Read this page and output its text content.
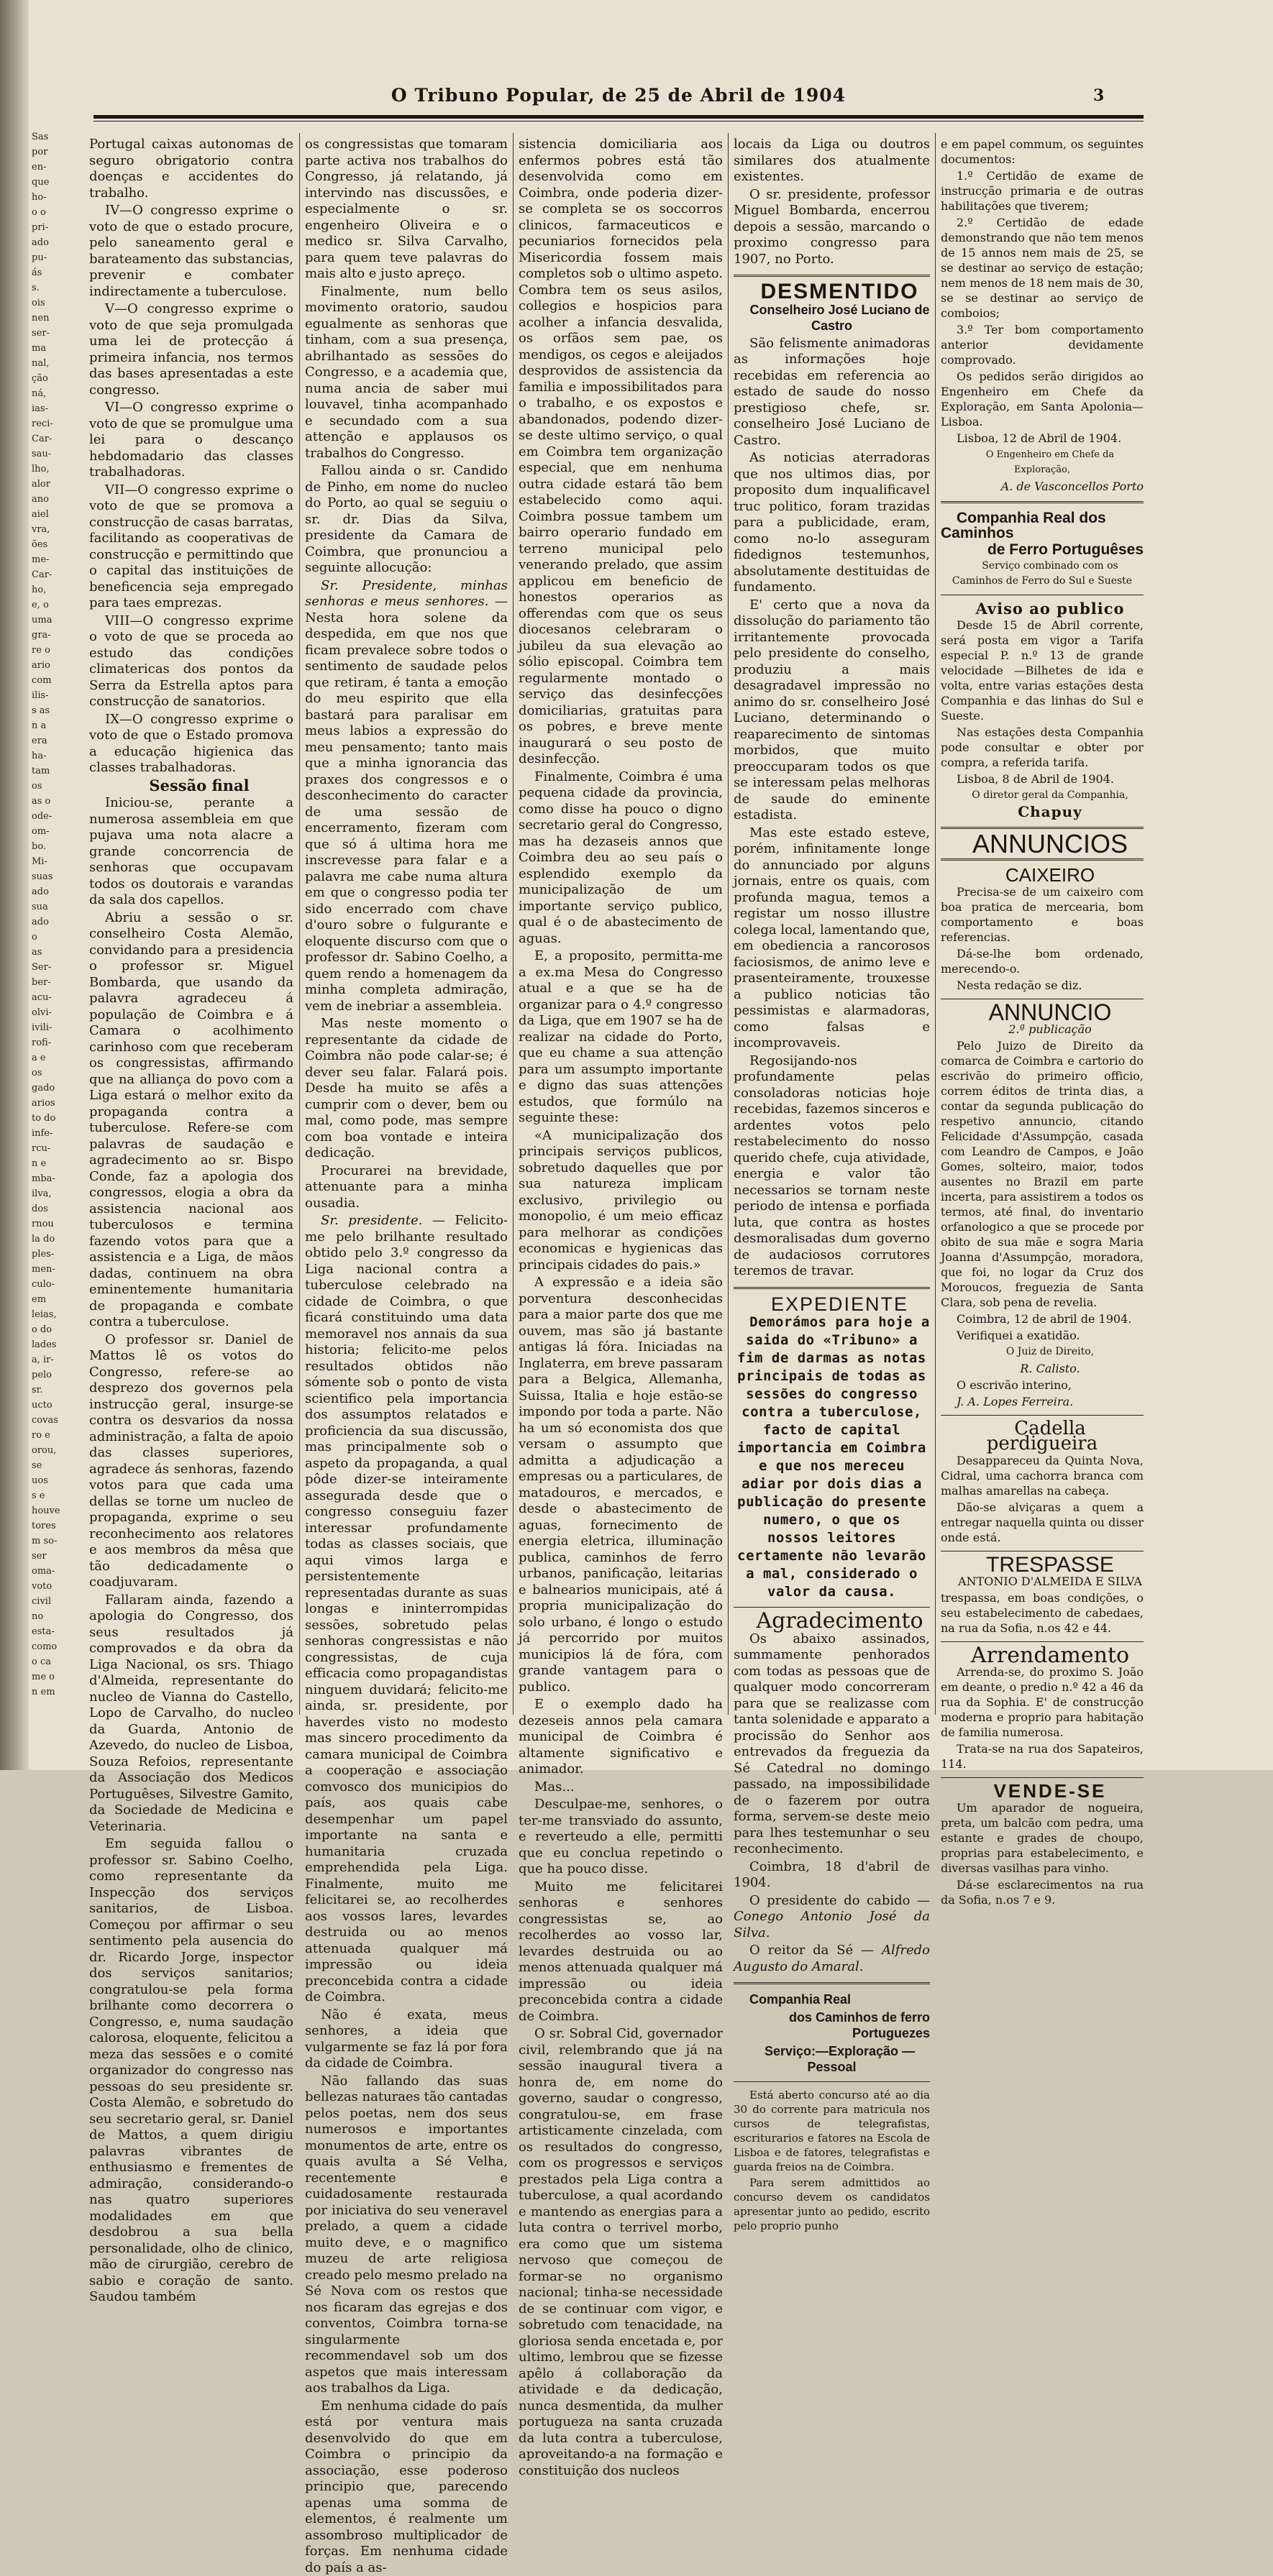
Sas
por
en-
que
ho-
o o
pri-
ado
pu-
ás
s.
ois
nen
ser-
ma
nal,
ção
ná,
ias-
reci-
Car-
sau-
lho,
alor
ano
aiel
vra,
ões
me-
Car-
ho,
e, o
uma
gra-
re o
ario
com
ilis-
s as
n a
era
ha-
tam
os
as o
ode-
om-
bo.
Mi-
suas
ado
sua
ado
o
as
Ser-
ber-
acu-
olvi-
ivili-
rofi-
a e
os
gado
arios
to do
infe-
rcu-
n e
mba-
ilva,
dos
rnou
la do
ples-
men-
culo-
em
leias,
o do
lades
a, ir-
pelo
sr.
ucto
covas
ro e
orou,
se
uos
s e
houve
tores
m so-
ser
oma-
voto
civil
no
esta-
como
o ca
me o
n em
O Tribuno Popular, de 25 de Abril de 1904	3

Portugal caixas autonomas de seguro obrigatorio contra doenças e accidentes do trabalho.

IV—O congresso exprime o voto de que o estado procure, pelo saneamento geral e barateamento das substancias, prevenir e combater indirectamente a tuberculose.

V—O congresso exprime o voto de que seja promulgada uma lei de protecção á primeira infancia, nos termos das bases apresentadas a este congresso.

VI—O congresso exprime o voto de que se promulgue uma lei para o descanço hebdomadario das classes trabalhadoras.

VII—O congresso exprime o voto de que se promova a construcção de casas barratas, facilitando as cooperativas de construcção e permittindo que o capital das instituições de beneficencia seja empregado para taes emprezas.

VIII—O congresso exprime o voto de que se proceda ao estudo das condições climatericas dos pontos da Serra da Estrella aptos para construcção de sanatorios.

IX—O congresso exprime o voto de que o Estado promova a educação higienica das classes trabalhadoras.

Sessão final

Iniciou-se, perante a numerosa assembleia em que pujava uma nota alacre a grande concorrencia de senhoras que occupavam todos os doutorais e varandas da sala dos capellos.

Abriu a sessão o sr. conselheiro Costa Alemão, convidando para a presidencia o professor sr. Miguel Bombarda, que usando da palavra agradeceu á população de Coimbra e á Camara o acolhimento carinhoso com que receberam os congressistas, affirmando que na alliança do povo com a Liga estará o melhor exito da propaganda contra a tuberculose. Refere-se com palavras de saudação e agradecimento ao sr. Bispo Conde, faz a apologia dos congressos, elogia a obra da assistencia nacional aos tuberculosos e termina fazendo votos para que a assistencia e a Liga, de mãos dadas, continuem na obra eminentemente humanitaria de propaganda e combate contra a tuberculose.

O professor sr. Daniel de Mattos lê os votos do Congresso, refere-se ao desprezo dos governos pela instrucção geral, insurge-se contra os desvarios da nossa administração, a falta de apoio das classes superiores, agradece ás senhoras, fazendo votos para que cada uma dellas se torne um nucleo de propaganda, exprime o seu reconhecimento aos relatores e aos membros da mêsa que tão dedicadamente o coadjuvaram.

Fallaram ainda, fazendo a apologia do Congresso, dos seus resultados já comprovados e da obra da Liga Nacional, os srs. Thiago d'Almeida, representante do nucleo de Vianna do Castello, Lopo de Carvalho, do nucleo da Guarda, Antonio de Azevedo, do nucleo de Lisboa, Souza Refoios, representante da Associação dos Medicos Portuguêses, Silvestre Gamito, da Sociedade de Medicina e Veterinaria.

Em seguida fallou o professor sr. Sabino Coelho, como representante da Inspecção dos serviços sanitarios, de Lisboa. Começou por affirmar o seu sentimento pela ausencia do dr. Ricardo Jorge, inspector dos serviços sanitarios; congratulou-se pela forma brilhante como decorrera o Congresso, e, numa saudação calorosa, eloquente, felicitou a meza das sessões e o comité organizador do congresso nas pessoas do seu presidente sr. Costa Alemão, e sobretudo do seu secretario geral, sr. Daniel de Mattos, a quem dirigiu palavras vibrantes de enthusiasmo e frementes de admiração, considerando-o nas quatro superiores modalidades em que desdobrou a sua bella personalidade, olho de clinico, mão de cirurgião, cerebro de sabio e coração de santo. Saudou também

os congressistas que tomaram parte activa nos trabalhos do Congresso, já relatando, já intervindo nas discussões, e especialmente o sr. engenheiro Oliveira e o medico sr. Silva Carvalho, para quem teve palavras do mais alto e justo apreço.

Finalmente, num bello movimento oratorio, saudou egualmente as senhoras que tinham, com a sua presença, abrilhantado as sessões do Congresso, e a academia que, numa ancia de saber mui louvavel, tinha acompanhado e secundado com a sua attenção e applausos os trabalhos do Congresso.

Fallou ainda o sr. Candido de Pinho, em nome do nucleo do Porto, ao qual se seguiu o sr. dr. Dias da Silva, presidente da Camara de Coimbra, que pronunciou a seguinte allocução:

Sr. Presidente, minhas senhoras e meus senhores. — Nesta hora solene da despedida, em que nos que ficam prevalece sobre todos o sentimento de saudade pelos que retiram, é tanta a emoção do meu espirito que ella bastará para paralisar em meus labios a expressão do meu pensamento; tanto mais que a minha ignorancia das praxes dos congressos e o desconhecimento do caracter de uma sessão de encerramento, fizeram com que só á ultima hora me inscrevesse para falar e a palavra me cabe numa altura em que o congresso podia ter sido encerrado com chave d'ouro sobre o fulgurante e eloquente discurso com que o professor dr. Sabino Coelho, a quem rendo a homenagem da minha completa admiração, vem de inebriar a assembleia.

Mas neste momento o representante da cidade de Coimbra não pode calar-se; é dever seu falar. Falará pois. Desde ha muito se afês a cumprir com o dever, bem ou mal, como pode, mas sempre com boa vontade e inteira dedicação.

Procurarei na brevidade, attenuante para a minha ousadia.

Sr. presidente. — Felicito-me pelo brilhante resultado obtido pelo 3.º congresso da Liga nacional contra a tuberculose celebrado na cidade de Coimbra, o que ficará constituindo uma data memoravel nos annais da sua historia; felicito-me pelos resultados obtidos não sómente sob o ponto de vista scientifico pela importancia dos assumptos relatados e proficiencia da sua discussão, mas principalmente sob o aspeto da propaganda, a qual pôde dizer-se inteiramente assegurada desde que o congresso conseguiu fazer interessar profundamente todas as classes sociais, que aqui vimos larga e persistentemente representadas durante as suas longas e ininterrompidas sessões, sobretudo pelas senhoras congressistas e não congressistas, de cuja efficacia como propagandistas ninguem duvidará; felicito-me ainda, sr. presidente, por haverdes visto no modesto mas sincero procedimento da camara municipal de Coimbra a cooperação e associação comvosco dos municipios do país, aos quais cabe desempenhar um papel importante na santa e humanitaria cruzada emprehendida pela Liga. Finalmente, muito me felicitarei se, ao recolherdes aos vossos lares, levardes destruida ou ao menos attenuada qualquer má impressão ou ideia preconcebida contra a cidade de Coimbra.

Não é exata, meus senhores, a ideia que vulgarmente se faz lá por fora da cidade de Coimbra.

Não fallando das suas bellezas naturaes tão cantadas pelos poetas, nem dos seus numerosos e importantes monumentos de arte, entre os quais avulta a Sé Velha, recentemente e cuidadosamente restaurada por iniciativa do seu veneravel prelado, a quem a cidade muito deve, e o magnifico muzeu de arte religiosa creado pelo mesmo prelado na Sé Nova com os restos que nos ficaram das egrejas e dos conventos, Coimbra torna-se singularmente recommendavel sob um dos aspetos que mais interessam aos trabalhos da Liga.

Em nenhuma cidade do país está por ventura mais desenvolvido do que em Coimbra o principio da associação, esse poderoso principio que, parecendo apenas uma somma de elementos, é realmente um assombroso multiplicador de forças. Em nenhuma cidade do país a as-

sistencia domiciliaria aos enfermos pobres está tão desenvolvida como em Coimbra, onde poderia dizer-se completa se os soccorros clinicos, farmaceuticos e pecuniarios fornecidos pela Misericordia fossem mais completos sob o ultimo aspeto. Combra tem os seus asilos, collegios e hospicios para acolher a infancia desvalida, os orfãos sem pae, os mendigos, os cegos e aleijados desprovidos de assistencia da familia e impossibilitados para o trabalho, e os expostos e abandonados, podendo dizer-se deste ultimo serviço, o qual em Coimbra tem organização especial, que em nenhuma outra cidade estará tão bem estabelecido como aqui. Coimbra possue tambem um bairro operario fundado em terreno municipal pelo venerando prelado, que assim applicou em beneficio de honestos operarios as offerendas com que os seus diocesanos celebraram o jubileu da sua elevação ao sólio episcopal. Coimbra tem regularmente montado o serviço das desinfecções domiciliarias, gratuitas para os pobres, e breve mente inaugurará o seu posto de desinfecção.

Finalmente, Coimbra é uma pequena cidade da provincia, como disse ha pouco o digno secretario geral do Congresso, mas ha dezaseis annos que Coimbra deu ao seu país o esplendido exemplo da municipalização de um importante serviço publico, qual é o de abastecimento de aguas.

E, a proposito, permitta-me a ex.ma Mesa do Congresso atual e a que se ha de organizar para o 4.º congresso da Liga, que em 1907 se ha de realizar na cidade do Porto, que eu chame a sua attenção para um assumpto importante e digno das suas attenções estudos, que formúlo na seguinte these:

«A municipalização dos principais serviços publicos, sobretudo daquelles que por sua natureza implicam exclusivo, privilegio ou monopolio, é um meio efficaz para melhorar as condições economicas e hygienicas das principais cidades do pais.»

A expressão e a ideia são porventura desconhecidas para a maior parte dos que me ouvem, mas são já bastante antigas lá fóra. Iniciadas na Inglaterra, em breve passaram para a Belgica, Allemanha, Suissa, Italia e hoje estão-se impondo por toda a parte. Não ha um só economista dos que versam o assumpto que admitta a adjudicação a empresas ou a particulares, de matadouros, e mercados, e desde o abastecimento de aguas, fornecimento de energia eletrica, illuminação publica, caminhos de ferro urbanos, panificação, leitarias e balnearios municipais, até á propria municipalização do solo urbano, é longo o estudo já percorrido por muitos municipios lá de fóra, com grande vantagem para o publico.

E o exemplo dado ha dezeseis annos pela camara municipal de Coimbra é altamente significativo e animador.

Mas...

Desculpae-me, senhores, o ter-me transviado do assunto, e reverteudo a elle, permitti que eu conclua repetindo o que ha pouco disse.

Muito me felicitarei senhoras e senhores congressistas se, ao recolherdes ao vosso lar, levardes destruida ou ao menos attenuada qualquer má impressão ou ideia preconcebida contra a cidade de Coimbra.

O sr. Sobral Cid, governador civil, relembrando que já na sessão inaugural tivera a honra de, em nome do governo, saudar o congresso, congratulou-se, em frase artisticamente cinzelada, com os resultados do congresso, com os progressos e serviços prestados pela Liga contra a tuberculose, a qual acordando e mantendo as energias para a luta contra o terrivel morbo, era como que um sistema nervoso que começou de formar-se no organismo nacional; tinha-se necessidade de se continuar com vigor, e sobretudo com tenacidade, na gloriosa senda encetada e, por ultimo, lembrou que se fizesse apêlo á collaboração da atividade e da dedicação, nunca desmentida, da mulher portugueza na santa cruzada da luta contra a tuberculose, aproveitando-a na formação e constituição dos nucleos

locais da Liga ou doutros similares dos atualmente existentes.

O sr. presidente, professor Miguel Bombarda, encerrou depois a sessão, marcando o proximo congresso para 1907, no Porto.

DESMENTIDO

Conselheiro José Luciano de Castro

São felismente animadoras as informações hoje recebidas em referencia ao estado de saude do nosso prestigioso chefe, sr. conselheiro José Luciano de Castro.

As noticias aterradoras que nos ultimos dias, por proposito dum inqualificavel truc politico, foram trazidas para a publicidade, eram, como no-lo asseguram fidedignos testemunhos, absolutamente destituidas de fundamento.

E' certo que a nova da dissolução do pariamento tão irritantemente provocada pelo presidente do conselho, produziu a mais desagradavel impressão no animo do sr. conselheiro José Luciano, determinando o reaparecimento de sintomas morbidos, que muito preoccuparam todos os que se interessam pelas melhoras de saude do eminente estadista.

Mas este estado esteve, porém, infinitamente longe do annunciado por alguns jornais, entre os quais, com profunda magua, temos a registar um nosso illustre colega local, lamentando que, em obediencia a rancorosos faciosismos, de animo leve e prasenteiramente, trouxesse a publico noticias tão pessimistas e alarmadoras, como falsas e incomprovaveis.

Regosijando-nos profundamente pelas consoladoras noticias hoje recebidas, fazemos sinceros e ardentes votos pelo restabelecimento do nosso querido chefe, cuja atividade, energia e valor tão necessarios se tornam neste periodo de intensa e porfiada luta, que contra as hostes desmoralisadas dum governo de audaciosos corrutores teremos de travar.

EXPEDIENTE

Demorámos para hoje a saida do «Tribuno» a fim de darmas as notas principais de todas as sessões do congresso contra a tuberculose, facto de capital importancia em Coimbra e que nos mereceu adiar por dois dias a publicação do presente numero, o que os nossos leitores certamente não levarão a mal, considerado o valor da causa.

Agradecimento

Os abaixo assinados, summamente penhorados com todas as pessoas que de qualquer modo concorreram para que se realizasse com tanta solenidade e apparato a procissão do Senhor aos entrevados da freguezia da Sé Catedral no domingo passado, na impossibilidade de o fazerem por outra forma, servem-se deste meio para lhes testemunhar o seu reconhecimento.

Coimbra, 18 d'abril de 1904.

O presidente do cabido — Conego Antonio José da Silva.

O reitor da Sé — Alfredo Augusto do Amaral.

Companhia Real

dos Caminhos de ferro Portuguezes

Serviço:—Exploração —Pessoal

Está aberto concurso até ao dia 30 do corrente para matricula nos cursos de telegrafistas, escriturarios e fatores na Escola de Lisboa e de fatores, telegrafistas e guarda freios na de Coimbra.

Para serem admittidos ao concurso devem os candidatos apresentar junto ao pedido, escrito pelo proprio punho

e em papel commum, os seguintes documentos:

1.º Certidão de exame de instrucção primaria e de outras habilitações que tiverem;

2.º Certidão de edade demonstrando que não tem menos de 15 annos nem mais de 25, se se destinar ao serviço de estação; nem menos de 18 nem mais de 30, se se destinar ao serviço de comboios;

3.º Ter bom comportamento anterior devidamente comprovado.

Os pedidos serão dirigidos ao Engenheiro em Chefe da Exploração, em Santa Apolonia—Lisboa.

Lisboa, 12 de Abril de 1904.

O Engenheiro em Chefe da Exploração,

A. de Vasconcellos Porto

Companhia Real dos Caminhos

de Ferro Portuguêses

Serviço combinado com os Caminhos de Ferro do Sul e Sueste

Aviso ao publico

Desde 15 de Abril corrente, será posta em vigor a Tarifa especial P. n.º 13 de grande velocidade —Bilhetes de ida e volta, entre varias estações desta Companhia e das linhas do Sul e Sueste.

Nas estações desta Companhia pode consultar e obter por compra, a referida tarifa.

Lisboa, 8 de Abril de 1904.

O diretor geral da Companhia,

Chapuy

ANNUNCIOS

CAIXEIRO

Precisa-se de um caixeiro com boa pratica de mercearia, bom comportamento e boas referencias.

Dá-se-lhe bom ordenado, merecendo-o.

Nesta redação se diz.

ANNUNCIO

2.ª publicação

Pelo Juizo de Direito da comarca de Coimbra e cartorio do escrivão do primeiro officio, correm éditos de trinta dias, a contar da segunda publicação do respetivo annuncio, citando Felicidade d'Assumpção, casada com Leandro de Campos, e João Gomes, solteiro, maior, todos ausentes no Brazil em parte incerta, para assistirem a todos os termos, até final, do inventario orfanologico a que se procede por obito de sua mãe e sogra Maria Joanna d'Assumpção, moradora, que foi, no logar da Cruz dos Moroucos, freguezia de Santa Clara, sob pena de revelia.

Coimbra, 12 de abril de 1904.

Verifiquei a exatidão.

O Juiz de Direito,

R. Calisto.

O escrivão interino,

J. A. Lopes Ferreira.

Cadella perdigueira

Desappareceu da Quinta Nova, Cidral, uma cachorra branca com malhas amarellas na cabeça.

Dão-se alviçaras a quem a entregar naquella quinta ou disser onde está.

TRESPASSE

ANTONIO D'ALMEIDA E SILVA

trespassa, em boas condições, o seu estabelecimento de cabedaes, na rua da Sofia, n.os 42 e 44.

Arrendamento

Arrenda-se, do proximo S. João em deante, o predio n.º 42 a 46 da rua da Sophia. E' de construcção moderna e proprio para habitação de familia numerosa.

Trata-se na rua dos Sapateiros, 114.

VENDE-SE

Um aparador de nogueira, preta, um balcão com pedra, uma estante e grades de choupo, proprias para estabelecimento, e diversas vasilhas para vinho.

Dá-se esclarecimentos na rua da Sofia, n.os 7 e 9.
